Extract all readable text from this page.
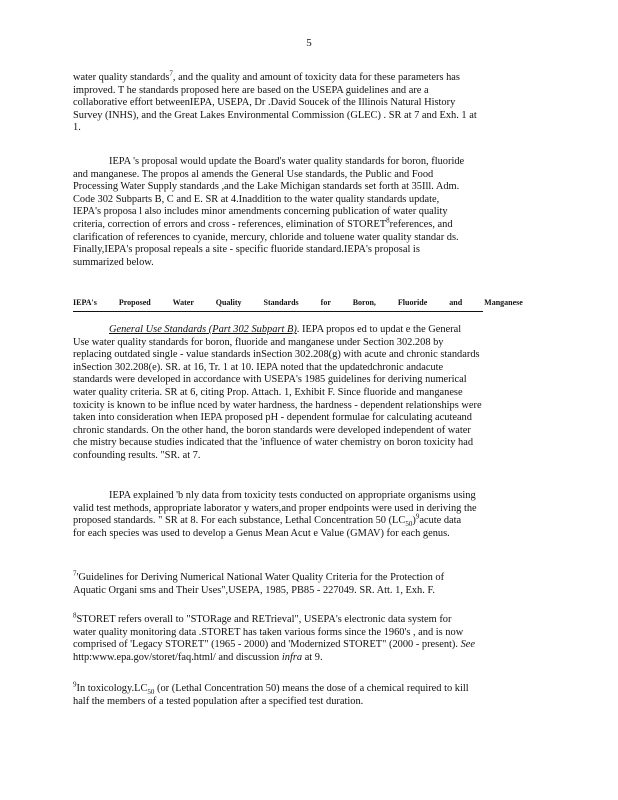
5
water quality standards$^7$, and the quality and amount of toxicity data for these parameters has
improved. T he standards proposed here are based on the USEPA guidelines and are a
collaborative effort betweenIEPA, USEPA, Dr .David Soucek of the Illinois Natural History
Survey (INHS), and the Great Lakes Environmental Commission (GLEC) . SR at 7 and Exh. 1 at
1.
IEPA 's proposal would update the Board's water quality standards for boron, fluoride
and manganese. The propos al amends the General Use standards, the Public and Food
Processing Water Supply standards ,and the Lake Michigan standards set forth at 35Ill. Adm.
Code 302 Subparts B, C and E. SR at 4.Inaddition to the water quality standards update,
IEPA's proposa l also includes minor amendments concerning publication of water quality
criteria, correction of errors and cross - references, elimination of STORET$^8$references, and
clarification of references to cyanide, mercury, chloride and toluene water quality standar ds.
Finally,IEPA's proposal repeals a site - specific fluoride standard.IEPA's proposal is
summarized below.
IEPA's Proposed Water Quality Standards for Boron, Fluoride and Manganese
General Use Standards (Part 302 Subpart B). IEPA propos ed to updat e the General
Use water quality standards for boron, fluoride and manganese under Section 302.208 by
replacing outdated single - value standards inSection 302.208(g) with acute and chronic standards
inSection 302.208(e). SR. at 16, Tr. 1 at 10. IEPA noted that the updatedchronic andacute
standards were developed in accordance with USEPA's 1985 guidelines for deriving numerical
water quality criteria. SR at 6, citing Prop. Attach. 1, Exhibit F. Since fluoride and manganese
toxicity is known to be influe nced by water hardness, the hardness - dependent relationships were
taken into consideration when IEPA proposed pH - dependent formulae for calculating acuteand
chronic standards. On the other hand, the boron standards were developed independent of water
che mistry because studies indicated that the 'influence of water chemistry on boron toxicity had
confounding results. "SR. at 7.
IEPA explained 'b nly data from toxicity tests conducted on appropriate organisms using
valid test methods, appropriate laborator y waters,and proper endpoints were used in deriving the
proposed standards. " SR at 8. For each substance, Lethal Concentration 50 $(LC_{50})^9acute$ data
for each species was used to develop a Genus Mean Acut e Value (GMAV) for each genus.
$^7$'Guidelines for Deriving Numerical National Water Quality Criteria for the Protection of
Aquatic Organi sms and Their Uses",USEPA, 1985, PB85 - 227049. SR. Att. 1, Exh. F.
$^8$STORET refers overall to "STORage and RETrieval", USEPA's electronic data system for
water quality monitoring data .STORET has taken various forms since the 1960's , and is now
comprised of 'Legacy STORET" (1965 - 2000) and 'Modernized STORET" (2000 - present). See
http:www.epa.gov/storet/faq.html/ and discussion infra at 9.
$^9$In $toxicology.LC_{50}$ (or (Lethal Concentration 50) means the dose of a chemical required to kill
half the members of a tested population after a specified test duration.
